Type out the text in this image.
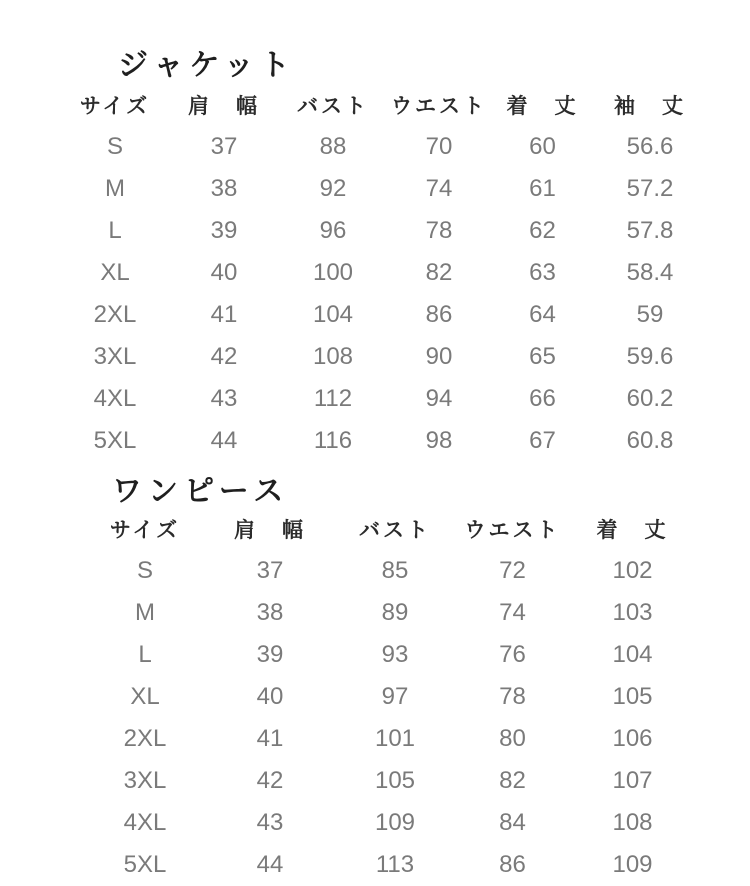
ジャケット
サイズ	肩　幅	バスト	ウエスト	着　丈	袖　丈
S	37	88	70	60	56.6
M	38	92	74	61	57.2
L	39	96	78	62	57.8
XL	40	100	82	63	58.4
2XL	41	104	86	64	59
3XL	42	108	90	65	59.6
4XL	43	112	94	66	60.2
5XL	44	116	98	67	60.8
ワンピース
サイズ	肩　幅	バスト	ウエスト	着　丈
S	37	85	72	102
M	38	89	74	103
L	39	93	76	104
XL	40	97	78	105
2XL	41	101	80	106
3XL	42	105	82	107
4XL	43	109	84	108
5XL	44	113	86	109
